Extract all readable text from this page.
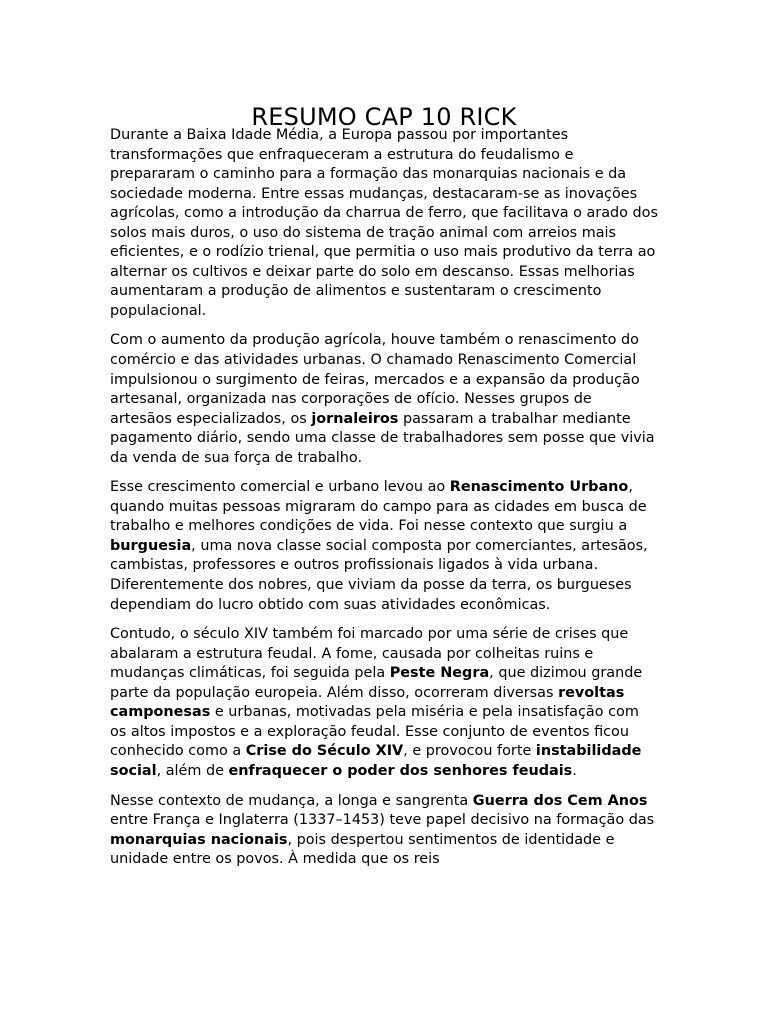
RESUMO CAP 10 RICK

Durante a Baixa Idade Média, a Europa passou por importantes transformações que enfraqueceram a estrutura do feudalismo e prepararam o caminho para a formação das monarquias nacionais e da sociedade moderna. Entre essas mudanças, destacaram-se as inovações agrícolas, como a introdução da charrua de ferro, que facilitava o arado dos solos mais duros, o uso do sistema de tração animal com arreios mais eficientes, e o rodízio trienal, que permitia o uso mais produtivo da terra ao alternar os cultivos e deixar parte do solo em descanso. Essas melhorias aumentaram a produção de alimentos e sustentaram o crescimento populacional.

Com o aumento da produção agrícola, houve também o renascimento do comércio e das atividades urbanas. O chamado Renascimento Comercial impulsionou o surgimento de feiras, mercados e a expansão da produção artesanal, organizada nas corporações de ofício. Nesses grupos de artesãos especializados, os jornaleiros passaram a trabalhar mediante pagamento diário, sendo uma classe de trabalhadores sem posse que vivia da venda de sua força de trabalho.

Esse crescimento comercial e urbano levou ao Renascimento Urbano, quando muitas pessoas migraram do campo para as cidades em busca de trabalho e melhores condições de vida. Foi nesse contexto que surgiu a burguesia, uma nova classe social composta por comerciantes, artesãos, cambistas, professores e outros profissionais ligados à vida urbana. Diferentemente dos nobres, que viviam da posse da terra, os burgueses dependiam do lucro obtido com suas atividades econômicas.

Contudo, o século XIV também foi marcado por uma série de crises que abalaram a estrutura feudal. A fome, causada por colheitas ruins e mudanças climáticas, foi seguida pela Peste Negra, que dizimou grande parte da população europeia. Além disso, ocorreram diversas revoltas camponesas e urbanas, motivadas pela miséria e pela insatisfação com os altos impostos e a exploração feudal. Esse conjunto de eventos ficou conhecido como a Crise do Século XIV, e provocou forte instabilidade social, além de enfraquecer o poder dos senhores feudais.

Nesse contexto de mudança, a longa e sangrenta Guerra dos Cem Anos entre França e Inglaterra (1337–1453) teve papel decisivo na formação das monarquias nacionais, pois despertou sentimentos de identidade e unidade entre os povos. À medida que os reis
